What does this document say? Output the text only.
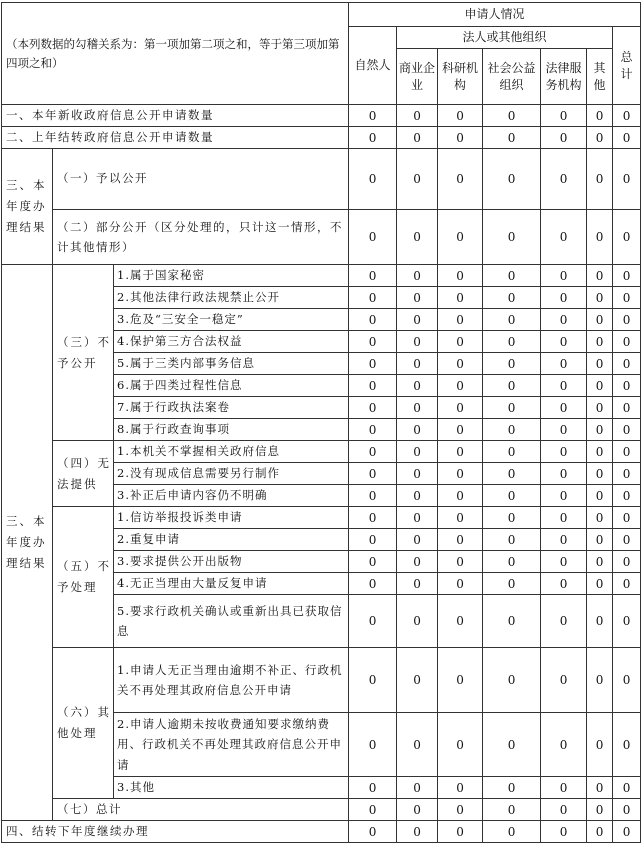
（本列数据的勾稽关系为：第一项加第二项之和，等于第三项加第四项之和）			申请人情况						
			自然人	法人或其他组织					总计
				商业企业	科研机构	社会公益组织	法律服务机构	其他	
一、本年新收政府信息公开申请数量			0	0	0	0	0	0	0
二、上年结转政府信息公开申请数量			0	0	0	0	0	0	0
三、本年度办理结果	（一）予以公开		0	0	0	0	0	0	0
	（二）部分公开（区分处理的，只计这一情形，不计其他情形）		0	0	0	0	0	0	0
三、本年度办理结果	（三）不予公开	1.属于国家秘密	0	0	0	0	0	0	0
		2.其他法律行政法规禁止公开	0	0	0	0	0	0	0
		3.危及“三安全一稳定”	0	0	0	0	0	0	0
		4.保护第三方合法权益	0	0	0	0	0	0	0
		5.属于三类内部事务信息	0	0	0	0	0	0	0
		6.属于四类过程性信息	0	0	0	0	0	0	0
		7.属于行政执法案卷	0	0	0	0	0	0	0
		8.属于行政查询事项	0	0	0	0	0	0	0
	（四）无法提供	1.本机关不掌握相关政府信息	0	0	0	0	0	0	0
		2.没有现成信息需要另行制作	0	0	0	0	0	0	0
		3.补正后申请内容仍不明确	0	0	0	0	0	0	0
	（五）不予处理	1.信访举报投诉类申请	0	0	0	0	0	0	0
		2.重复申请	0	0	0	0	0	0	0
		3.要求提供公开出版物	0	0	0	0	0	0	0
		4.无正当理由大量反复申请	0	0	0	0	0	0	0
		5.要求行政机关确认或重新出具已获取信息	0	0	0	0	0	0	0
	（六）其他处理	1.申请人无正当理由逾期不补正、行政机关不再处理其政府信息公开申请	0	0	0	0	0	0	0
		2.申请人逾期未按收费通知要求缴纳费用、行政机关不再处理其政府信息公开申请	0	0	0	0	0	0	0
		3.其他	0	0	0	0	0	0	0
	（七）总计		0	0	0	0	0	0	0
四、结转下年度继续办理			0	0	0	0	0	0	0
